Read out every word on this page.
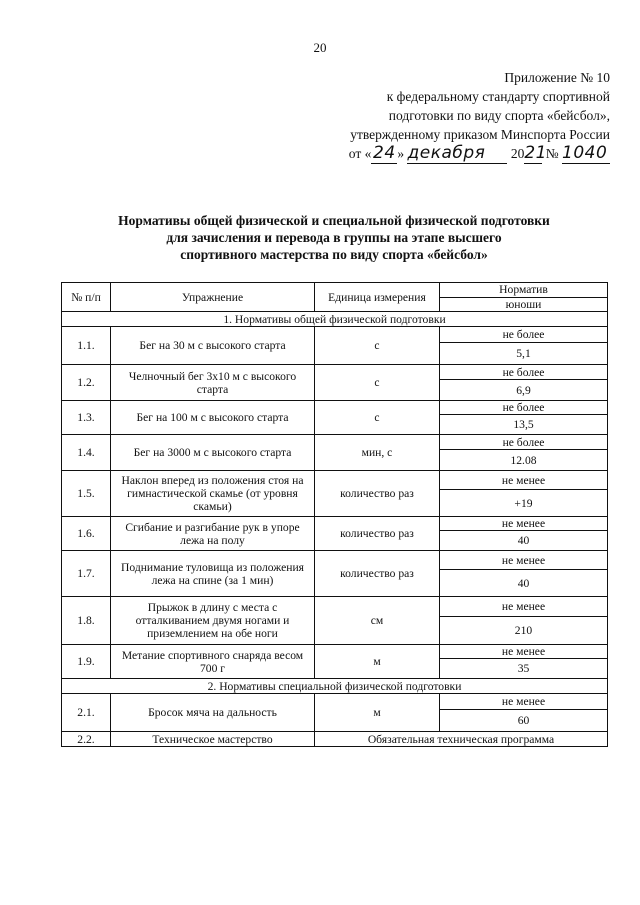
20
Приложение № 10
к федеральному стандарту спортивной
подготовки по виду спорта «бейсбол»,
утвержденному приказом Минспорта России
от «24 » декабря 2021 № 1040
Нормативы общей физической и специальной физической подготовки
для зачисления и перевода в группы на этапе высшего
спортивного мастерства по виду спорта «бейсбол»
№ п/п	Упражнение	Единица измерения	Норматив
			юноши
1. Нормативы общей физической подготовки			
1.1.	Бег на 30 м с высокого старта	с	не более
			5,1
1.2.	Челночный бег 3х10 м с высокого старта	с	не более
			6,9
1.3.	Бег на 100 м с высокого старта	с	не более
			13,5
1.4.	Бег на 3000 м с высокого старта	мин, с	не более
			12.08
1.5.	Наклон вперед из положения стоя на гимнастической скамье (от уровня скамьи)	количество раз	не менее
			+19
1.6.	Сгибание и разгибание рук в упоре лежа на полу	количество раз	не менее
			40
1.7.	Поднимание туловища из положения лежа на спине (за 1 мин)	количество раз	не менее
			40
1.8.	Прыжок в длину с места с отталкиванием двумя ногами и приземлением на обе ноги	см	не менее
			210
1.9.	Метание спортивного снаряда весом 700 г	м	не менее
			35
2. Нормативы специальной физической подготовки			
2.1.	Бросок мяча на дальность	м	не менее
			60
2.2.	Техническое мастерство	Обязательная техническая программа	
